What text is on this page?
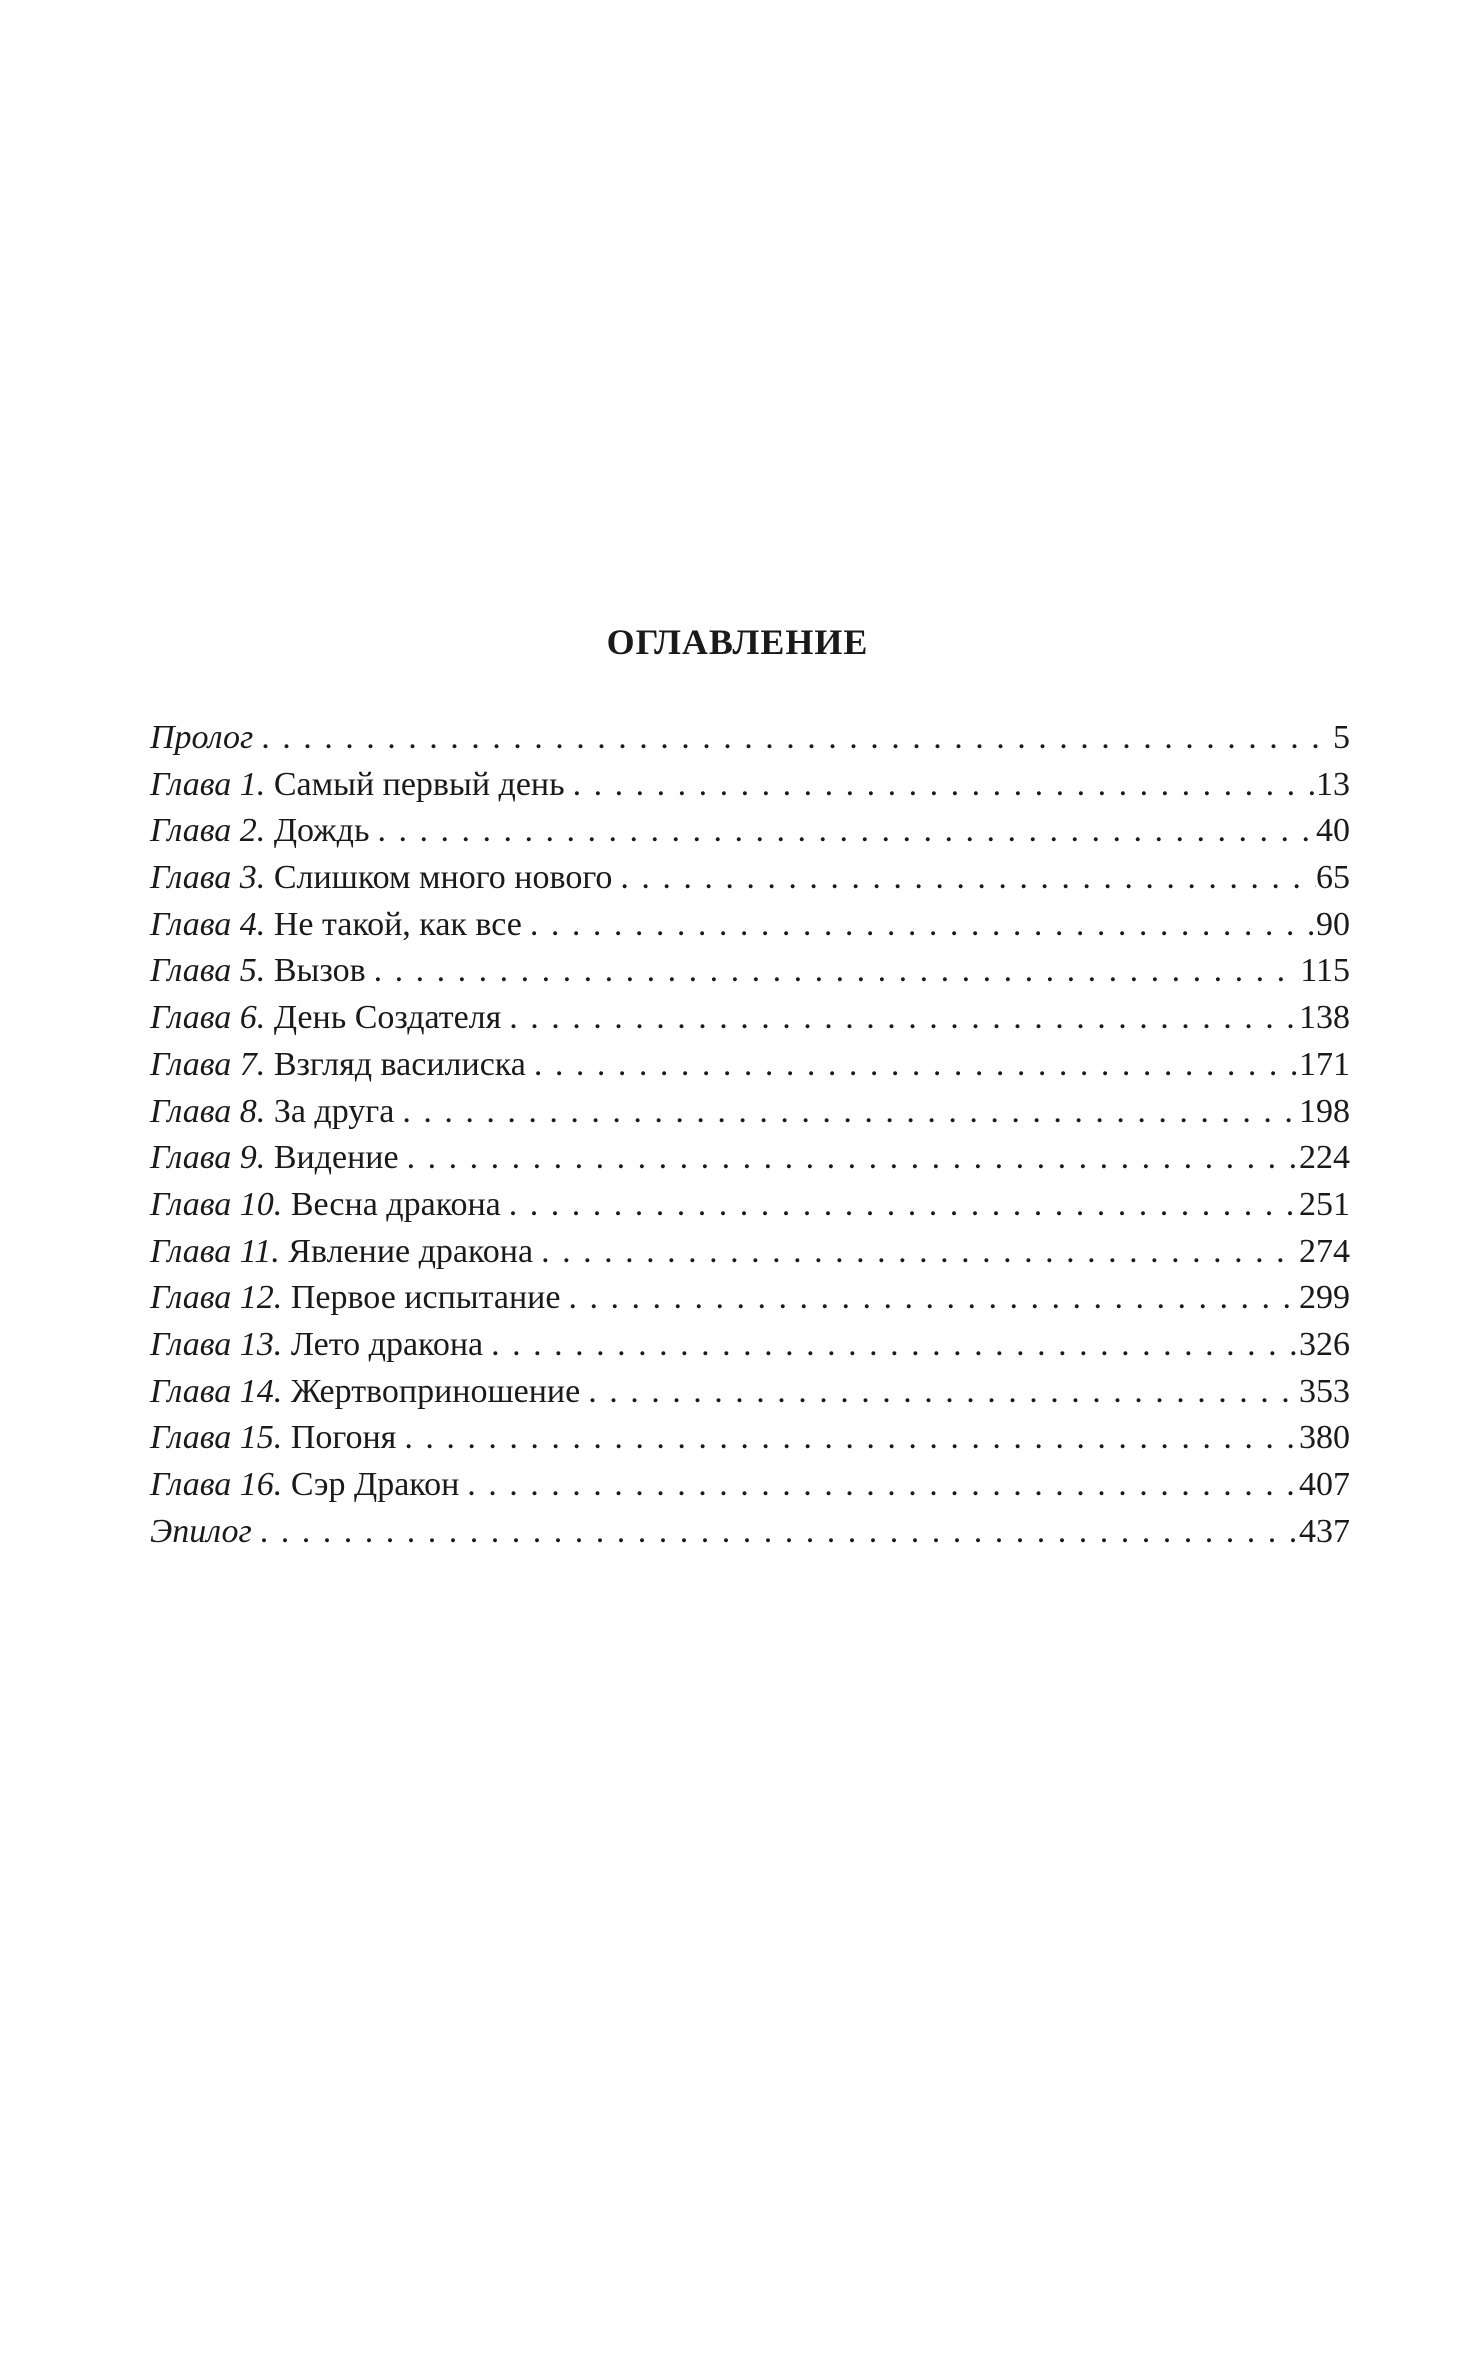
ОГЛАВЛЕНИЕ
Пролог . . .	5
Глава 1. Самый первый день . . .	13
Глава 2. Дождь . . .	40
Глава 3. Слишком много нового . . .	65
Глава 4. Не такой, как все . . .	90
Глава 5. Вызов . . .	115
Глава 6. День Создателя . . .	138
Глава 7. Взгляд василиска . . .	171
Глава 8. За друга . . .	198
Глава 9. Видение . . .	224
Глава 10. Весна дракона . . .	251
Глава 11. Явление дракона . . .	274
Глава 12. Первое испытание . . .	299
Глава 13. Лето дракона . . .	326
Глава 14. Жертвоприношение . . .	353
Глава 15. Погоня . . .	380
Глава 16. Сэр Дракон . . .	407
Эпилог . . .	437
